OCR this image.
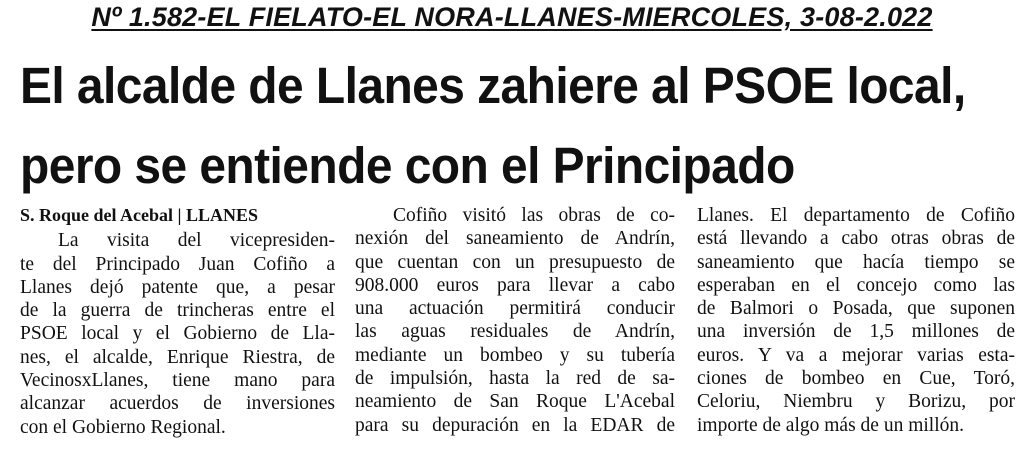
Nº 1.582-EL FIELATO-EL NORA-LLANES-MIERCOLES, 3-08-2.022
El alcalde de Llanes zahiere al PSOE local,
pero se entiende con el Principado
S. Roque del Acebal | LLANES

La visita del vicepresiden-

te del Principado Juan Cofiño a

Llanes dejó patente que, a pesar

de la guerra de trincheras entre el

PSOE local y el Gobierno de Lla-

nes, el alcalde, Enrique Riestra, de

VecinosxLlanes, tiene mano para

alcanzar acuerdos de inversiones

con el Gobierno Regional.

Cofiño visitó las obras de co-

nexión del saneamiento de Andrín,

que cuentan con un presupuesto de

908.000 euros para llevar a cabo

una actuación permitirá conducir

las aguas residuales de Andrín,

mediante un bombeo y su tubería

de impulsión, hasta la red de sa-

neamiento de San Roque L'Acebal

para su depuración en la EDAR de

Llanes. El departamento de Cofiño

está llevando a cabo otras obras de

saneamiento que hacía tiempo se

esperaban en el concejo como las

de Balmori o Posada, que suponen

una inversión de 1,5 millones de

euros. Y va a mejorar varias esta-

ciones de bombeo en Cue, Toró,

Celoriu, Niembru y Borizu, por

importe de algo más de un millón.
